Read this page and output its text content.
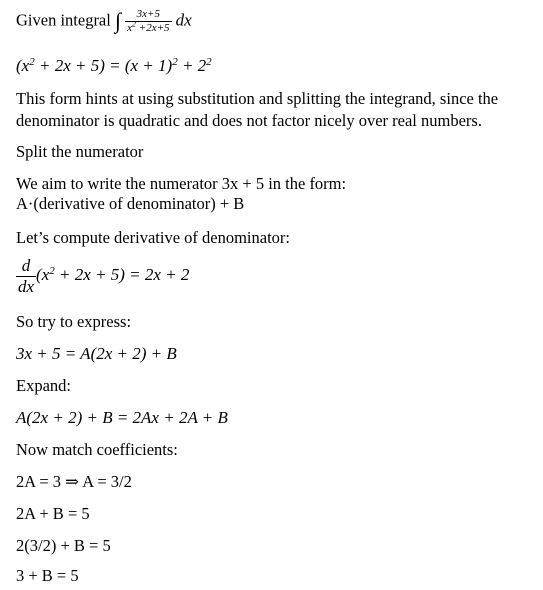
Given integral ∫ $\frac{3x+5}{x^2 +2x+5}$ dx
$(x^2 + 2x + 5) = (x + 1)^2 + 2^2$
This form hints at using substitution and splitting the integrand, since the denominator is quadratic and does not factor nicely over real numbers.
Split the numerator
We aim to write the numerator 3x + 5 in the form:
A·(derivative of denominator) + B
Let’s compute derivative of denominator:
$\frac{d}{dx} (x^2 + 2x + 5) = 2x + 2$
So try to express:
3x + 5 = A(2x + 2) + B
Expand:
A(2x + 2) + B = 2Ax + 2A + B
Now match coefficients:
2A = 3 ⇒ A = 3/2
2A + B = 5
2(3/2) + B = 5
3 + B = 5
